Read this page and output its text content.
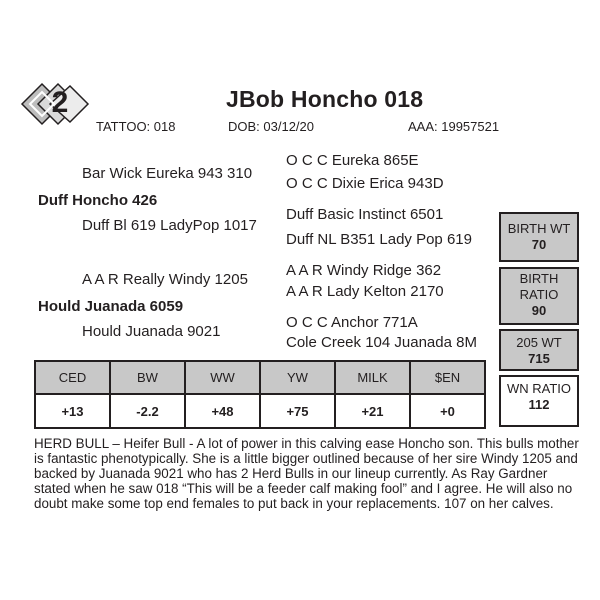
2	JBob Honcho 018
TATTOO: 018	DOB: 03/12/20	AAA: 19957521
O C C Eureka 865E
Bar Wick Eureka 943 310
O C C Dixie Erica 943D
Duff Honcho 426
Duff Basic Instinct 6501
Duff Bl 619 LadyPop 1017
Duff NL B351 Lady Pop 619
A A R Windy Ridge 362
A A R Really Windy 1205
A A R Lady Kelton 2170
Hould Juanada 6059
O C C Anchor 771A
Hould Juanada 9021
Cole Creek 104 Juanada 8M
BIRTH WT
70
BIRTH RATIO
90
205 WT
715
WN RATIO
112
CED	BW	WW	YW	MILK	$EN
+13	-2.2	+48	+75	+21	+0
HERD BULL – Heifer Bull - A lot of power in this calving ease Honcho son. This bulls mother is fantastic phenotypically. She is a little bigger outlined because of her sire Windy 1205 and backed by Juanada 9021 who has 2 Herd Bulls in our lineup currently. As Ray Gardner stated when he saw 018 “This will be a feeder calf making fool” and I agree. He will also no doubt make some top end females to put back in your replacements. 107 on her calves.
